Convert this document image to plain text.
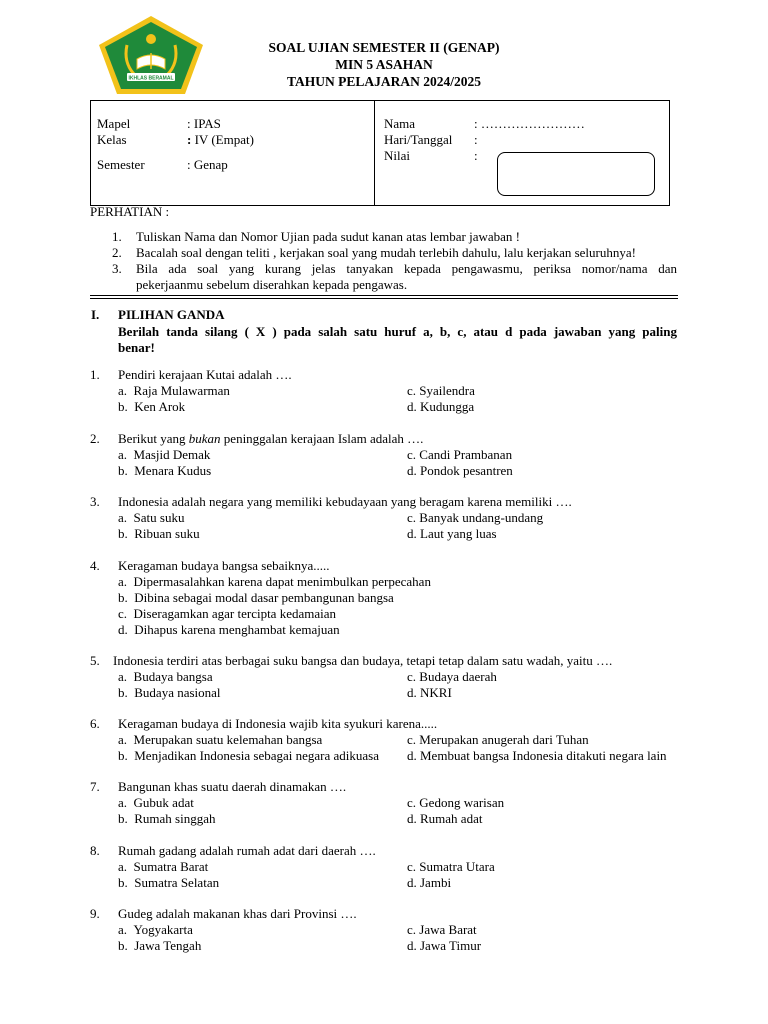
IKHLAS BERAMAL
SOAL UJIAN SEMESTER II (GENAP)
MIN 5 ASAHAN
TAHUN PELAJARAN 2024/2025
Mapel	: IPAS
Kelas	: IV (Empat)
Semester	: Genap
Nama	: ……………………
Hari/Tanggal :
Nilai	:
PERHATIAN :
1. Tuliskan Nama dan Nomor Ujian pada sudut kanan atas lembar jawaban !
2. Bacalah soal dengan teliti , kerjakan soal yang mudah terlebih dahulu, lalu kerjakan seluruhnya!
3. Bila ada soal yang kurang jelas tanyakan kepada pengawasmu, periksa nomor/nama dan
pekerjaanmu sebelum diserahkan kepada pengawas.
I. PILIHAN GANDA
Berilah tanda silang ( X ) pada salah satu huruf a, b, c, atau d pada jawaban yang paling
benar!
1. Pendiri kerajaan Kutai adalah ….
a. Raja Mulawarman
b. Ken Arok
c. Syailendra
d. Kudungga
2. Berikut yang bukan peninggalan kerajaan Islam adalah ….
a. Masjid Demak
b. Menara Kudus
c. Candi Prambanan
d. Pondok pesantren
3. Indonesia adalah negara yang memiliki kebudayaan yang beragam karena memiliki ….
a. Satu suku
b. Ribuan suku
c. Banyak undang-undang
d. Laut yang luas
4. Keragaman budaya bangsa sebaiknya.....
a. Dipermasalahkan karena dapat menimbulkan perpecahan
b. Dibina sebagai modal dasar pembangunan bangsa
c. Diseragamkan agar tercipta kedamaian
d. Dihapus karena menghambat kemajuan
5. Indonesia terdiri atas berbagai suku bangsa dan budaya, tetapi tetap dalam satu wadah, yaitu ….
a. Budaya bangsa
b. Budaya nasional
c. Budaya daerah
d. NKRI
6. Keragaman budaya di Indonesia wajib kita syukuri karena.....
a. Merupakan suatu kelemahan bangsa
b. Menjadikan Indonesia sebagai negara adikuasa
c. Merupakan anugerah dari Tuhan
d. Membuat bangsa Indonesia ditakuti negara lain
7. Bangunan khas suatu daerah dinamakan ….
a. Gubuk adat
b. Rumah singgah
c. Gedong warisan
d. Rumah adat
8. Rumah gadang adalah rumah adat dari daerah ….
a. Sumatra Barat
b. Sumatra Selatan
c. Sumatra Utara
d. Jambi
9. Gudeg adalah makanan khas dari Provinsi ….
a. Yogyakarta
b. Jawa Tengah
c. Jawa Barat
d. Jawa Timur
